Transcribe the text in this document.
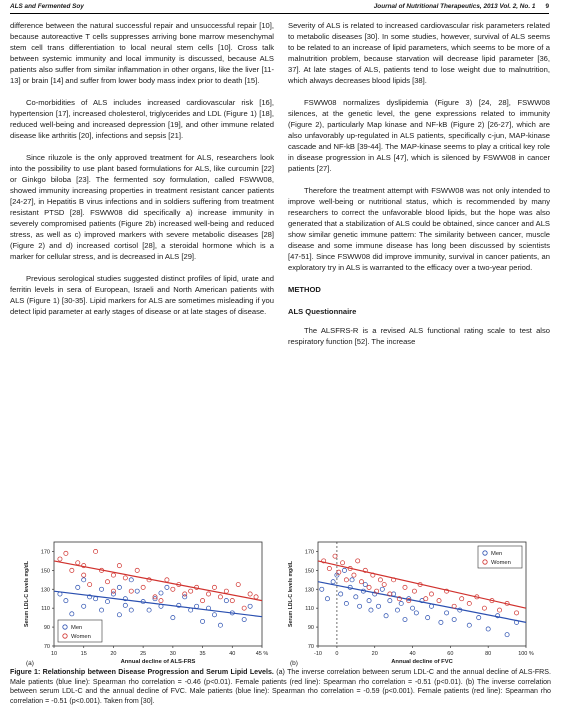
ALS and Fermented Soy	Journal of Nutritional Therapeutics, 2013 Vol. 2, No. 1 9

difference between the natural successful repair and unsuccessful repair [10], because autoreactive T cells suppresses arriving bone marrow mesenchymal stem cell trans differentiation to local neural stem cells [10]. Cross talk between systemic immunity and local immunity is discussed, because ALS patients also suffer from similar inflammation in other organs, like the liver [11-13] or brain [14] and suffer from lower body mass index prior to death [15].

Co-morbidities of ALS includes increased cardiovascular risk [16], hypertension [17], increased cholesterol, triglycerides and LDL (Figure 1) [18], reduced well-being and increased depression [19], and other immune related disease like arthritis [20], infections and sepsis [21].

Since riluzole is the only approved treatment for ALS, researchers look into the possibility to use plant based formulations for ALS, like curcumin [22] or Ginkgo biloba [23]. The fermented soy formulation, called FSWW08, showed immunity increasing properties in treatment resistant cancer patients [24-27], in Hepatitis B virus infections and in soldiers suffering from treatment resistant PTSD [28]. FSWW08 did specifically a) increase immunity in severely compromised patients (Figure 2b) increased well-being and reduced stress, as well as c) improved markers with severe metabolic diseases [28] (Figure 2) and d) increased cortisol [28], a steroidal hormone which is a marker for cellular stress, and is decreased in ALS [29].

Previous serological studies suggested distinct profiles of lipid, urate and ferritin levels in sera of European, Israeli and North American patients with ALS (Figure 1) [30-35]. Lipid markers for ALS are sometimes misleading if you detect lipid parameter at early stages of disease or at late stages of disease.

Severity of ALS is related to increased cardiovascular risk parameters related to metabolic diseases [30]. In some studies, however, survival of ALS seems to be related to an increase of lipid parameters, which seems to be more of a malnutrition problem, because starvation will decrease lipid parameter [36, 37]. At late stages of ALS, patients tend to lose weight due to malnutrition, which always decreases blood lipids [38].

FSWW08 normalizes dyslipidemia (Figure 3) [24, 28], FSWW08 silences, at the genetic level, the gene expressions related to immunity (Figure 2), particularly Map kinase and NF-kB (Figure 2) [26-27], which are also unfavorably up-regulated in ALS patients, specifically c-jun, MAP-kinase cascade and NF-kB [39-44]. The MAP-kinase seems to play a critical key role in disease progression in ALS [47], which is silenced by FSWW08 in cancer patients [27].

Therefore the treatment attempt with FSWW08 was not only intended to improve well-being or nutritional status, which is recommended by many researchers to correct the unfavorable blood lipids, but the hope was also generated that a stabilization of ALS could be obtained, since cancer and ALS show similar genetic immune pattern: The similarity between cancer, muscle disease and some immune disease has long been discussed by scientists [47-51]. Since FSWW08 did improve immunity, survival in cancer patients, an exploratory try in ALS is warranted to the efficacy over a two-year period.

METHOD

ALS Questionnaire

The ALSFRS-R is a revised ALS functional rating scale to test also respiratory function [52]. The increase

70
90
110
130
150
170
10	15	20	25	30	35	40	45 %
Annual decline of ALS-FRS
Serum LDL-C levels mg/dL
(a)
Men
Women
70
90
110
130
150
170
-10 0	20	40	60	80	100 %
Annual decline of FVC
Serum LDL-C levels mg/dL
(b)
Men
Women
Figure 1: Relationship between Disease Progression and Serum Lipid Levels. (a) The inverse correlation between serum LDL-C and the annual decline of ALS-FRS. Male patients (blue line): Spearman rho correlation = -0.46 (p<0.01). Female patients (red line): Spearman rho correlation = -0.51 (p<0.01). (b) The inverse correlation between serum LDL-C and the annual decline of FVC. Male patients (blue line): Spearman rho correlation = -0.59 (p<0.001). Female patients (red line): Spearman rho correlation = -0.51 (p<0.001). Taken from [30].
